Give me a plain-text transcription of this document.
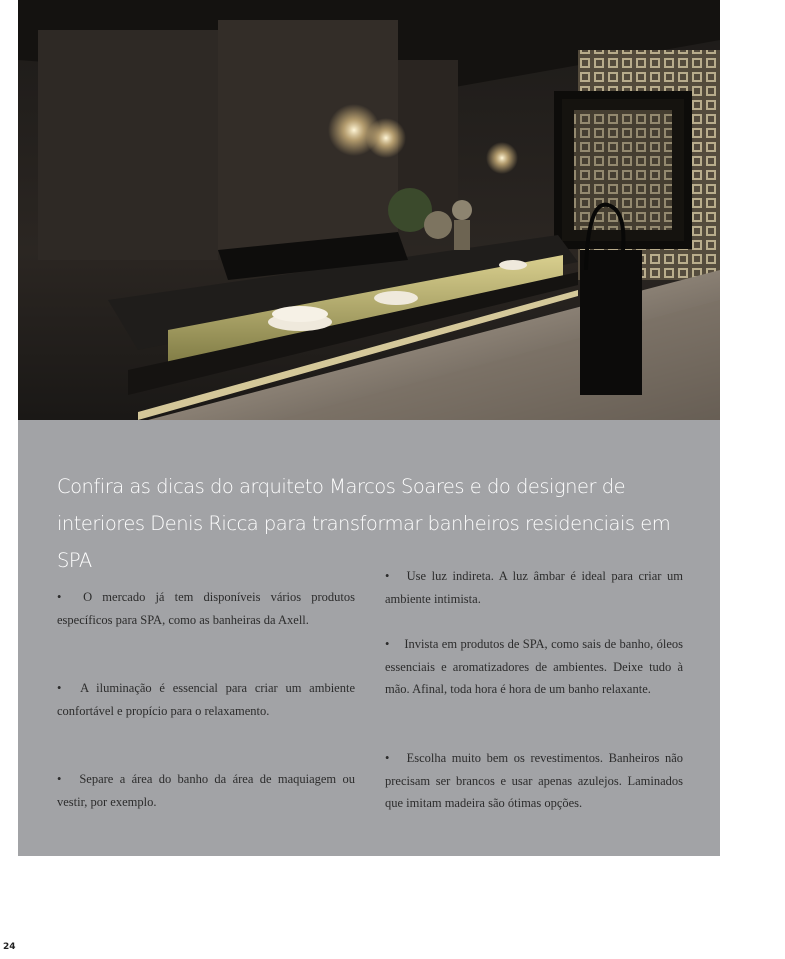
Confira as dicas do arquiteto Marcos Soares e do designer de interiores Denis Ricca para transformar banheiros residenciais em SPA

• O mercado já tem disponíveis vários produtos específicos para SPA, como as banheiras da Axell.

• A iluminação é essencial para criar um ambiente confortável e propício para o relaxamento.

• Separe a área do banho da área de maquiagem ou vestir, por exemplo.

• Use luz indireta. A luz âmbar é ideal para criar um ambiente intimista.

• Invista em produtos de SPA, como sais de banho, óleos essenciais e aromatizadores de ambientes. Deixe tudo à mão. Afinal, toda hora é hora de um banho relaxante.

• Escolha muito bem os revestimentos. Banheiros não precisam ser brancos e usar apenas azulejos. Laminados que imitam madeira são ótimas opções.

24
